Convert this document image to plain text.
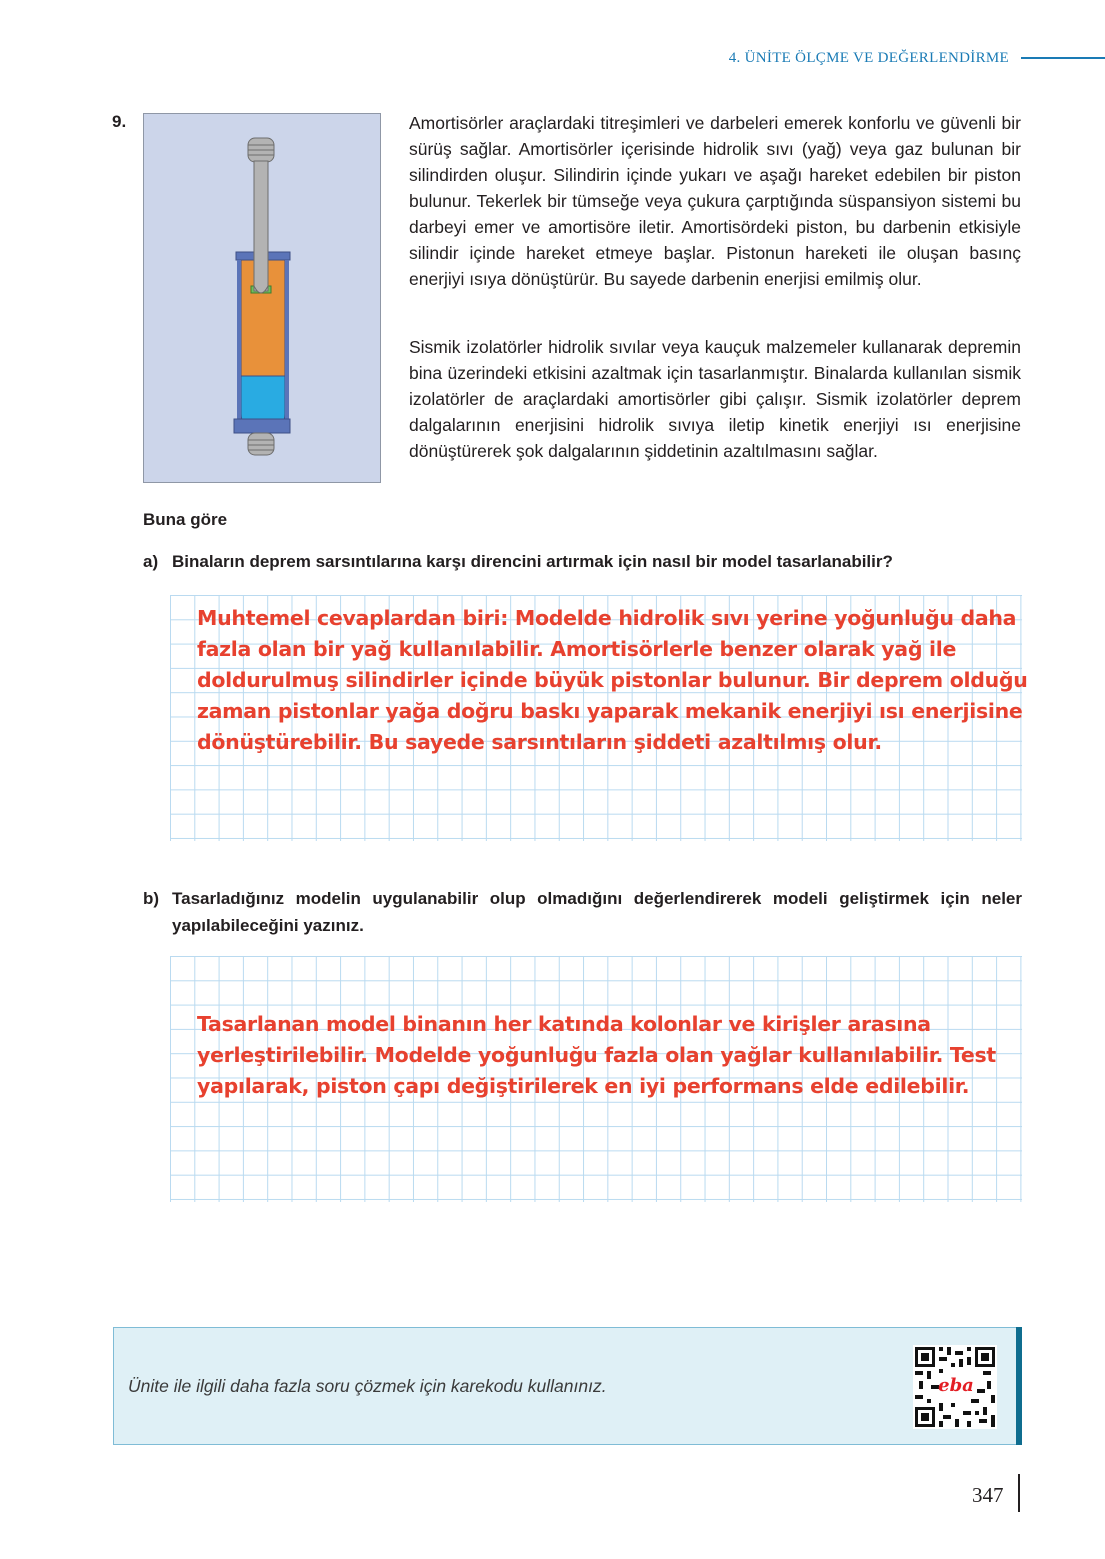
4. ÜNİTE ÖLÇME VE DEĞERLENDİRME
9.	Amortisörler araçlardaki titreşimleri ve darbeleri emerek konforlu ve güvenli bir sürüş sağlar. Amortisörler içerisinde hidrolik sıvı (yağ) veya gaz bulunan bir silindirden oluşur. Silindirin içinde yukarı ve aşağı hareket edebilen bir piston bulunur. Tekerlek bir tümseğe veya çukura çarptığında süspansiyon sistemi bu darbeyi emer ve amortisöre iletir. Amortisördeki piston, bu darbenin etkisiyle silindir içinde hareket etmeye başlar. Pistonun hareketi ile oluşan basınç enerjiyi ısıya dönüştürür. Bu sayede darbenin enerjisi emilmiş olur.
Sismik izolatörler hidrolik sıvılar veya kauçuk malzemeler kullanarak depremin bina üzerindeki etkisini azaltmak için tasarlanmıştır. Binalarda kullanılan sismik izolatörler de araçlardaki amortisörler gibi çalışır. Sismik izolatörler deprem dalgalarının enerjisini hidrolik sıvıya iletip kinetik enerjiyi ısı enerjisine dönüştürerek şok dalgalarının şiddetinin azaltılmasını sağlar.
Buna göre
a) Binaların deprem sarsıntılarına karşı direncini artırmak için nasıl bir model tasarlanabilir?
Muhtemel cevaplardan biri: Modelde hidrolik sıvı yerine yoğunluğu daha fazla olan bir yağ kullanılabilir. Amortisörlerle benzer olarak yağ ile doldurulmuş silindirler içinde büyük pistonlar bulunur. Bir deprem olduğu zaman pistonlar yağa doğru baskı yaparak mekanik enerjiyi ısı enerjisine dönüştürebilir. Bu sayede sarsıntıların şiddeti azaltılmış olur.
b) Tasarladığınız modelin uygulanabilir olup olmadığını değerlendirerek modeli geliştirmek için neler yapılabileceğini yazınız.
Tasarlanan model binanın her katında kolonlar ve kirişler arasına yerleştirilebilir. Modelde yoğunluğu fazla olan yağlar kullanılabilir. Test yapılarak, piston çapı değiştirilerek en iyi performans elde edilebilir.
Ünite ile ilgili daha fazla soru çözmek için karekodu kullanınız.	eba
347
